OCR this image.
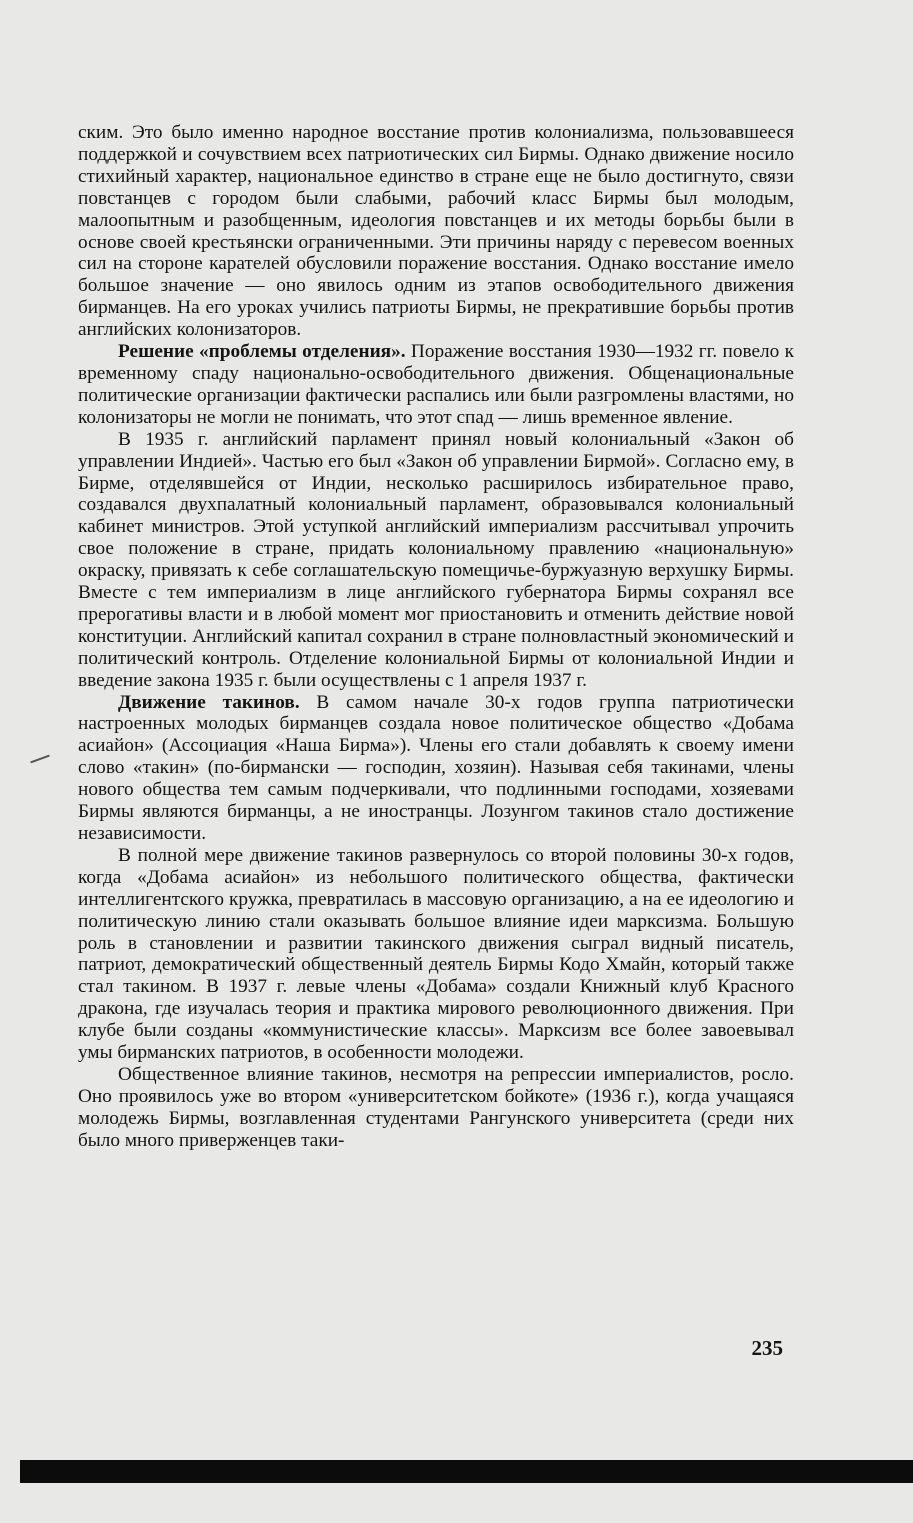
ским. Это было именно народное восстание против колониализма, пользовавшееся поддержкой и сочувствием всех патриотических сил Бирмы. Однако движение носило стихийный характер, национальное единство в стране еще не было достигнуто, связи повстанцев с городом были слабыми, рабочий класс Бирмы был молодым, малоопытным и разобщенным, идеология повстанцев и их методы борьбы были в основе своей крестьянски ограниченными. Эти причины наряду с перевесом военных сил на стороне карателей обусловили поражение восстания. Однако восстание имело большое значение — оно явилось одним из этапов освободительного движения бирманцев. На его уроках учились патриоты Бирмы, не прекратившие борьбы против английских колонизаторов.

Решение «проблемы отделения». Поражение восстания 1930—1932 гг. повело к временному спаду национально-освободительного движения. Общенациональные политические организации фактически распались или были разгромлены властями, но колонизаторы не могли не понимать, что этот спад — лишь временное явление.

В 1935 г. английский парламент принял новый колониальный «Закон об управлении Индией». Частью его был «Закон об управлении Бирмой». Согласно ему, в Бирме, отделявшейся от Индии, несколько расширилось избирательное право, создавался двухпалатный колониальный парламент, образовывался колониальный кабинет министров. Этой уступкой английский империализм рассчитывал упрочить свое положение в стране, придать колониальному правлению «национальную» окраску, привязать к себе соглашательскую помещичье-буржуазную верхушку Бирмы. Вместе с тем империализм в лице английского губернатора Бирмы сохранял все прерогативы власти и в любой момент мог приостановить и отменить действие новой конституции. Английский капитал сохранил в стране полновластный экономический и политический контроль. Отделение колониальной Бирмы от колониальной Индии и введение закона 1935 г. были осуществлены с 1 апреля 1937 г.

Движение такинов. В самом начале 30-х годов группа патриотически настроенных молодых бирманцев создала новое политическое общество «Добама асиайон» (Ассоциация «Наша Бирма»). Члены его стали добавлять к своему имени слово «такин» (по-бирмански — господин, хозяин). Называя себя такинами, члены нового общества тем самым подчеркивали, что подлинными господами, хозяевами Бирмы являются бирманцы, а не иностранцы. Лозунгом такинов стало достижение независимости.

В полной мере движение такинов развернулось со второй половины 30-х годов, когда «Добама асиайон» из небольшого политического общества, фактически интеллигентского кружка, превратилась в массовую организацию, а на ее идеологию и политическую линию стали оказывать большое влияние идеи марксизма. Большую роль в становлении и развитии такинского движения сыграл видный писатель, патриот, демократический общественный деятель Бирмы Кодо Хмайн, который также стал такином. В 1937 г. левые члены «Добама» создали Книжный клуб Красного дракона, где изучалась теория и практика мирового революционного движения. При клубе были созданы «коммунистические классы». Марксизм все более завоевывал умы бирманских патриотов, в особенности молодежи.

Общественное влияние такинов, несмотря на репрессии империалистов, росло. Оно проявилось уже во втором «университетском бойкоте» (1936 г.), когда учащаяся молодежь Бирмы, возглавленная студентами Рангунского университета (среди них было много приверженцев таки-

235
